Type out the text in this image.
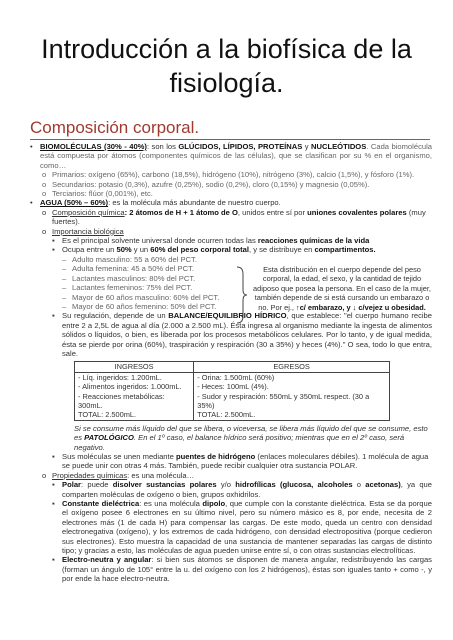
Introducción a la biofísica de la
fisiología.
Composición corporal.

• BIOMOLÉCULAS (30% - 40%): son los GLÚCIDOS, LÍPIDOS, PROTEÍNAS y NUCLEÓTIDOS. Cada biomolécula está compuesta por átomos (componentes químicos de las células), que se clasifican por su % en el organismo, como…

o Primarios: oxígeno (65%), carbono (18,5%), hidrógeno (10%), nitrógeno (3%), calcio (1,5%), y fósforo (1%).

o Secundarios: potasio (0,3%), azufre (0,25%), sodio (0,2%), cloro (0,15%) y magnesio (0,05%).

o Terciarios: flúor (0,001%), etc.

• AGUA (50% – 60%): es la molécula más abundante de nuestro cuerpo.

o Composición química: 2 átomos de H + 1 átomo de O, unidos entre sí por uniones covalentes polares (muy fuertes).

o Importancia biológica

▪ Es el principal solvente universal donde ocurren todas las reacciones químicas de la vida

▪ Ocupa entre un 50% y un 60% del peso corporal total, y se distribuye en compartimentos.

– Adulto masculino: 55 a 60% del PCT.

– Adulta femenina: 45 a 50% del PCT.

– Lactantes masculinos: 80% del PCT.

– Lactantes femeninos: 75% del PCT.

– Mayor de 60 años masculino: 60% del PCT.

– Mayor de 60 años femenino: 50% del PCT.

▪ Su regulación, depende de un BALANCE/EQUILIBRIO HÍDRICO, que establece: "el cuerpo humano recibe entre 2 a 2,5L de agua al día (2.000 a 2.500 mL). Ésta ingresa al organismo mediante la ingesta de alimentos sólidos o líquidos, o bien, es liberada por los procesos metabólicos celulares. Por lo tanto, y de igual medida, ésta se pierde por orina (60%), traspiración y respiración (30 a 35%) y heces (4%)." O sea, todo lo que entra, sale.

INGRESOS	EGRESOS
- Líq. ingeridos: 1.200mL.	- Orina: 1.500mL (60%)
- Alimentos ingeridos: 1.000mL.	- Heces: 100mL (4%).
- Reacciones metabólicas: 300mL.	- Sudor y respiración: 550mL y 350mL respect. (30 a 35%)
TOTAL: 2.500mL.	TOTAL: 2.500mL.

Si se consume más líquido del que se libera, o viceversa, se libera más líquido del que se consume, esto es PATOLÓGICO. En el 1º caso, el balance hídrico será positivo; mientras que en el 2º caso, será negativo.

▪ Sus moléculas se unen mediante puentes de hidrógeno (enlaces moleculares débiles). 1 molécula de agua se puede unir con otras 4 más. También, puede recibir cualquier otra sustancia POLAR.

o Propiedades químicas: es una molécula…

▪ Polar: puede disolver sustancias polares y/o hidrofílicas (glucosa, alcoholes o acetonas), ya que comparten moléculas de oxígeno o bien, grupos oxhidrilos.

▪ Constante dieléctrica: es una molécula dipolo, que cumple con la constante dieléctrica. Esta se da porque el oxígeno posee 6 electrones en su último nivel, pero su número másico es 8, por ende, necesita de 2 electrones más (1 de cada H) para compensar las cargas. De este modo, queda un centro con densidad electronegativa (oxígeno), y los extremos de cada hidrógeno, con densidad electropositiva (porque cedieron sus electrones). Esto muestra la capacidad de una sustancia de mantener separadas las cargas de distinto tipo; y gracias a esto, las moléculas de agua pueden unirse entre sí, o con otras sustancias electrolíticas.

▪ Electro-neutra y angular: si bien sus átomos se disponen de manera angular, redistribuyendo las cargas (forman un ángulo de 105° entre la u. del oxígeno con los 2 hidrógenos), éstas son iguales tanto + como -, y por ende la hace electro-neutra.

Esta distribución en el cuerpo depende del peso corporal, la edad, el sexo, y la cantidad de tejido adiposo que posea la persona. En el caso de la mujer, también depende de si está cursando un embarazo o no. Por ej., ↑c/ embarazo, y ↓ c/vejez u obesidad.
